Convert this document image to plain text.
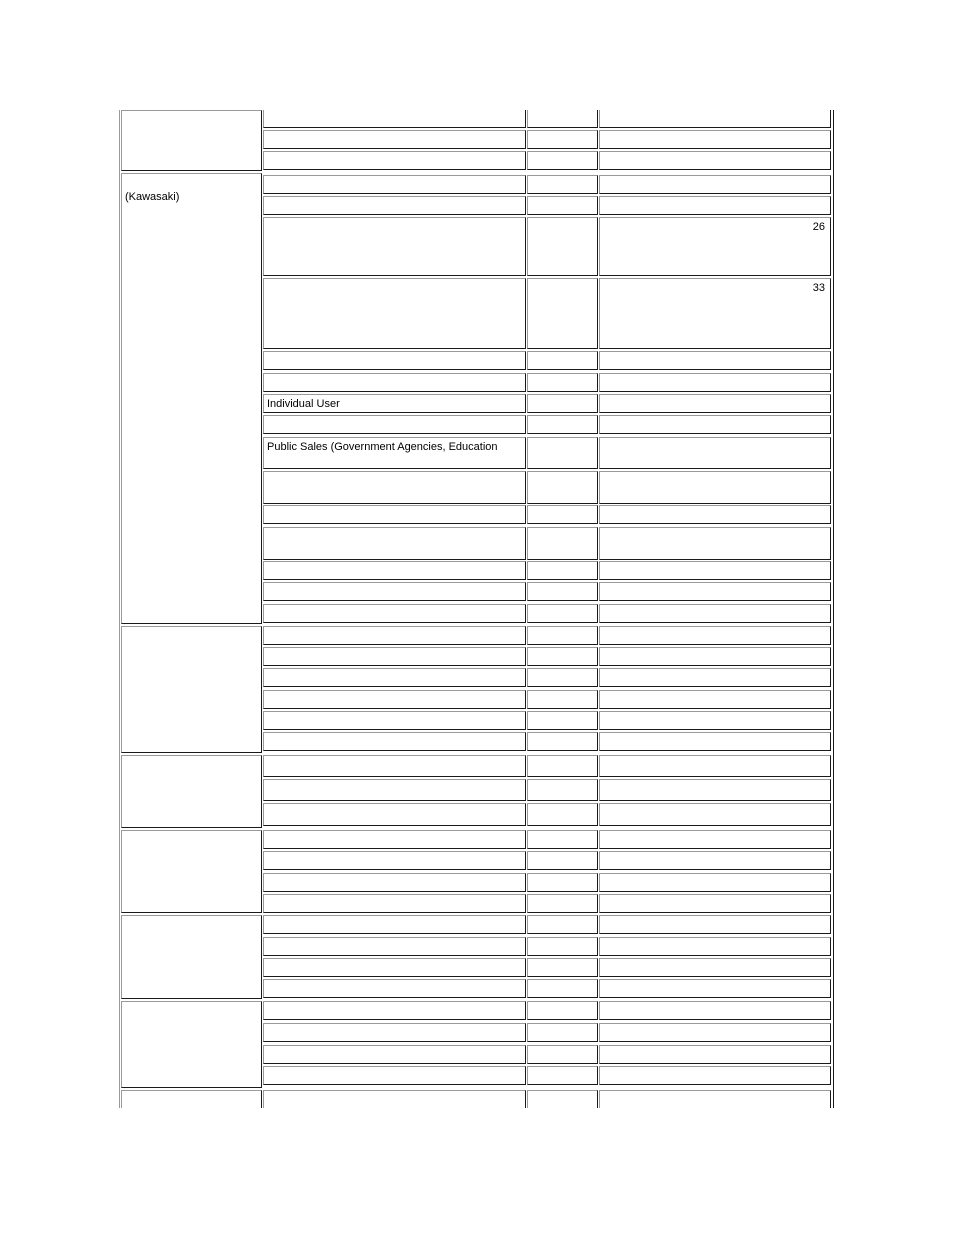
(Kawasaki)
26
33
Individual User
Public Sales (Government Agencies, Education
